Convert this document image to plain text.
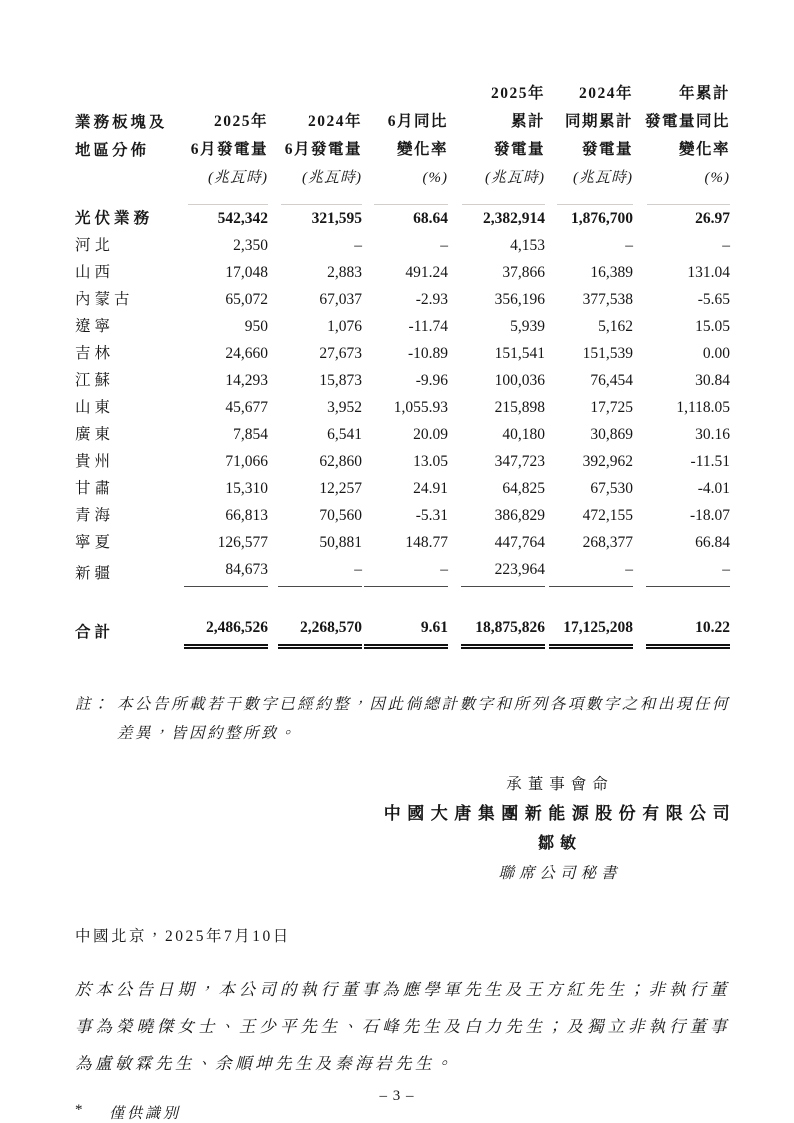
業務板塊及
地區分佈

2025年
6月發電量
(兆瓦時)

2024年
6月發電量
(兆瓦時)

6月同比
變化率
(%)

2025年
累計
發電量
(兆瓦時)

2024年
同期累計
發電量
(兆瓦時)

年累計
發電量同比
變化率
(%)

光伏業務	542,342	321,595	68.64	2,382,914	1,876,700	26.97
河北	2,350	–	–	4,153	–	–
山西	17,048	2,883	491.24	37,866	16,389	131.04
內蒙古	65,072	67,037	-2.93	356,196	377,538	-5.65
遼寧	950	1,076	-11.74	5,939	5,162	15.05
吉林	24,660	27,673	-10.89	151,541	151,539	0.00
江蘇	14,293	15,873	-9.96	100,036	76,454	30.84
山東	45,677	3,952	1,055.93	215,898	17,725	1,118.05
廣東	7,854	6,541	20.09	40,180	30,869	30.16
貴州	71,066	62,860	13.05	347,723	392,962	-11.51
甘肅	15,310	12,257	24.91	64,825	67,530	-4.01
青海	66,813	70,560	-5.31	386,829	472,155	-18.07
寧夏	126,577	50,881	148.77	447,764	268,377	66.84
新疆	84,673	–	–	223,964	–	–
合計	2,486,526	2,268,570	9.61	18,875,826	17,125,208	10.22
註： 本公告所載若干數字已經約整，因此倘總計數字和所列各項數字之和出現任何差異，皆因約整所致。
承董事會命
中國大唐集團新能源股份有限公司
鄒敏
聯席公司秘書
中國北京，2025年7月10日
於本公告日期，本公司的執行董事為應學軍先生及王方紅先生；非執行董事為榮曉傑女士、王少平先生、石峰先生及白力先生；及獨立非執行董事為盧敏霖先生、余順坤先生及秦海岩先生。
*	僅供識別
– 3 –
